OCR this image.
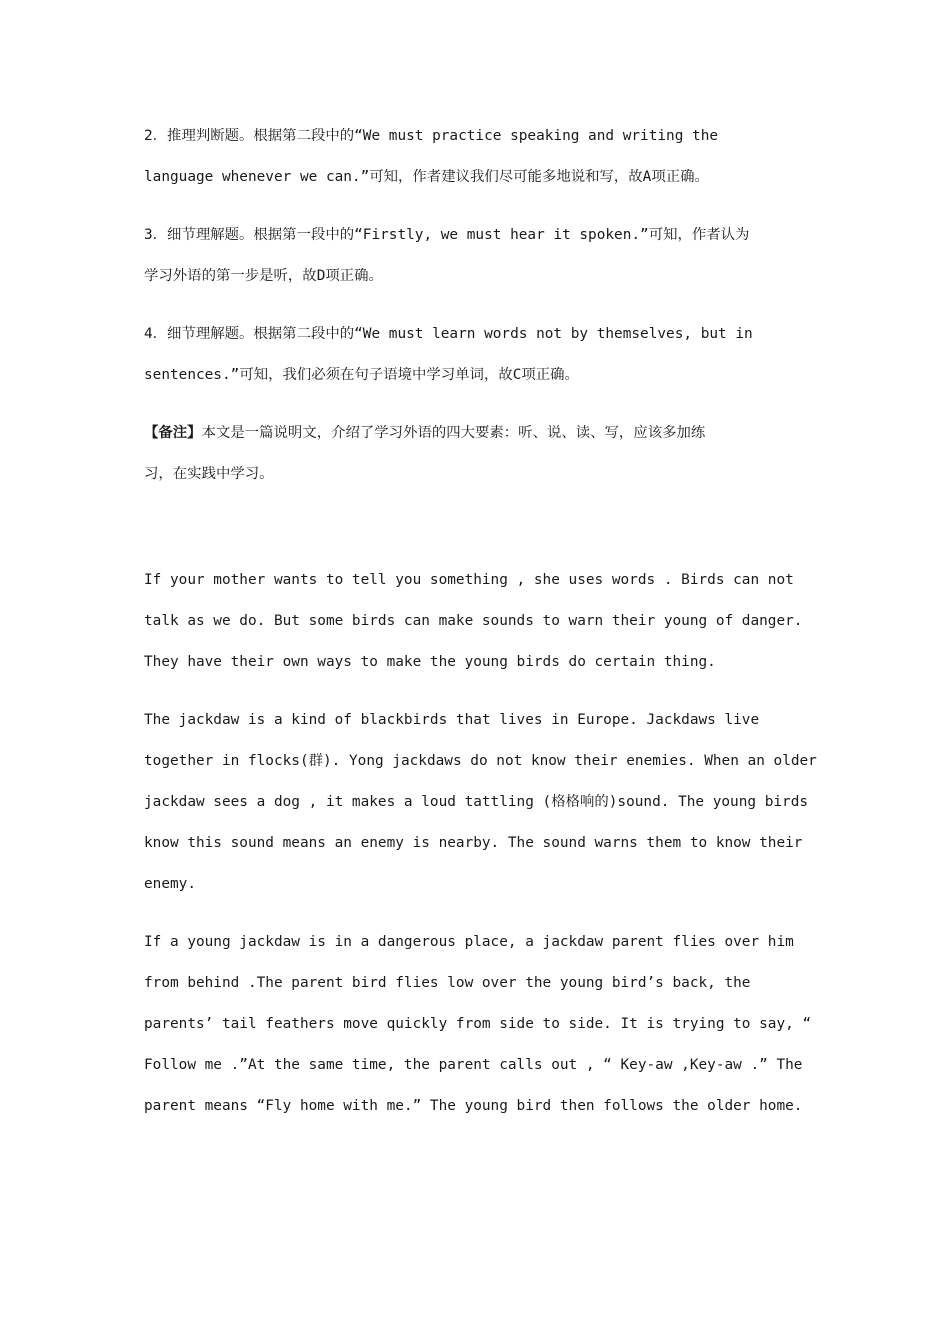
2．推理判断题。根据第二段中的“We must practice speaking and writing the
language whenever we can.”可知，作者建议我们尽可能多地说和写，故A项正确。
3．细节理解题。根据第一段中的“Firstly, we must hear it spoken.”可知，作者认为
学习外语的第一步是听，故D项正确。
4．细节理解题。根据第二段中的“We must learn words not by themselves, but in
sentences.”可知，我们必须在句子语境中学习单词，故C项正确。
【备注】本文是一篇说明文，介绍了学习外语的四大要素：听、说、读、写，应该多加练
习，在实践中学习。
If your mother wants to tell you something , she uses words . Birds can not
talk as we do. But some birds can make sounds to warn their young of danger.
They have their own ways to make the young birds do certain thing.
The jackdaw is a kind of blackbirds that lives in Europe. Jackdaws live
together in flocks(群). Yong jackdaws do not know their enemies. When an older
jackdaw sees a dog , it makes a loud tattling (格格响的)sound. The young birds
know this sound means an enemy is nearby. The sound warns them to know their
enemy.
If a young jackdaw is in a dangerous place, a jackdaw parent flies over him
from behind .The parent bird flies low over the young bird’s back, the
parents’ tail feathers move quickly from side to side. It is trying to say, “
Follow me .”At the same time, the parent calls out , “ Key-aw ,Key-aw .” The
parent means “Fly home with me.” The young bird then follows the older home.
